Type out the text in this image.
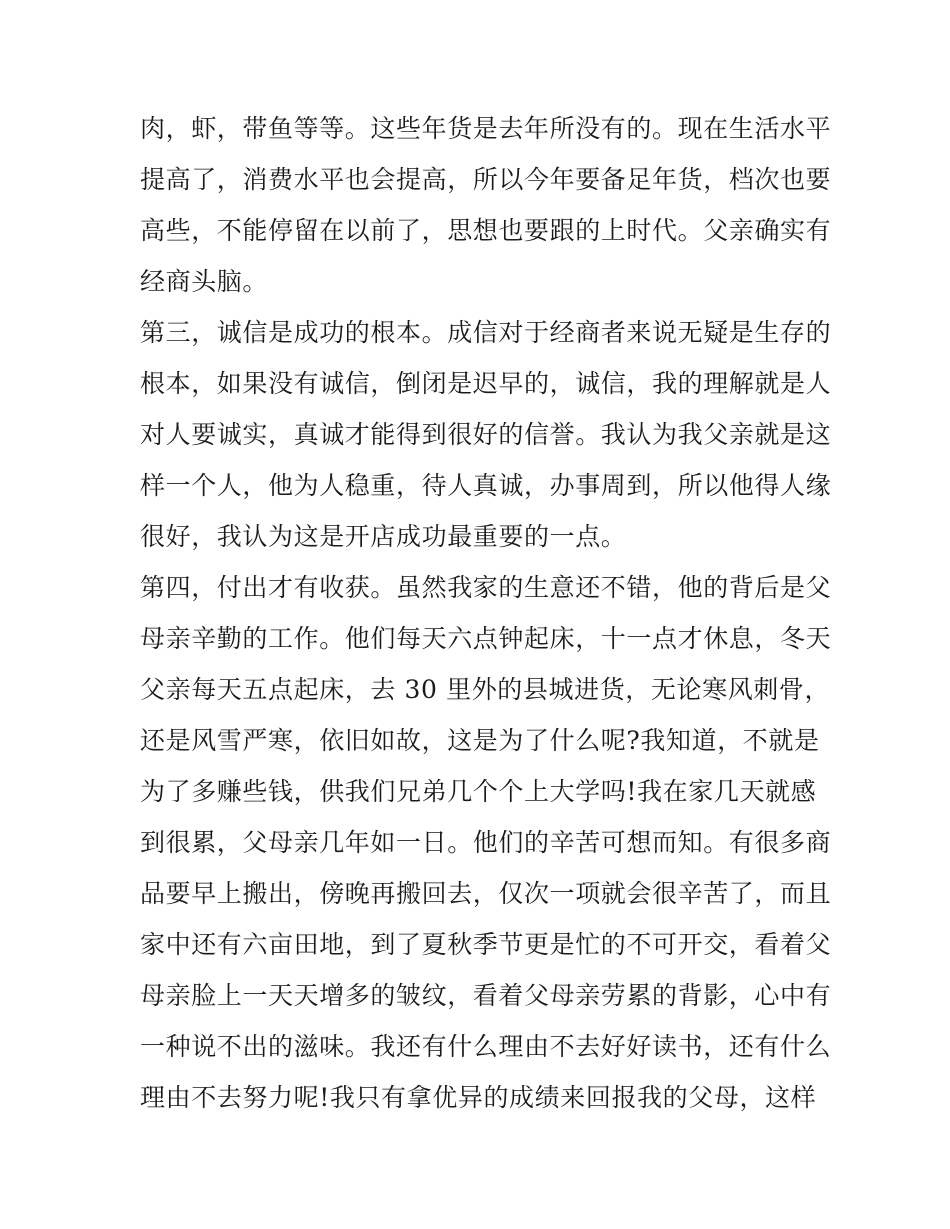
肉，虾，带鱼等等。这些年货是去年所没有的。现在生活水平
提高了，消费水平也会提高，所以今年要备足年货，档次也要
高些，不能停留在以前了，思想也要跟的上时代。父亲确实有
经商头脑。
第三，诚信是成功的根本。成信对于经商者来说无疑是生存的
根本，如果没有诚信，倒闭是迟早的，诚信，我的理解就是人
对人要诚实，真诚才能得到很好的信誉。我认为我父亲就是这
样一个人，他为人稳重，待人真诚，办事周到，所以他得人缘
很好，我认为这是开店成功最重要的一点。
第四，付出才有收获。虽然我家的生意还不错，他的背后是父
母亲辛勤的工作。他们每天六点钟起床，十一点才休息，冬天
父亲每天五点起床，去 30 里外的县城进货，无论寒风刺骨，
还是风雪严寒，依旧如故，这是为了什么呢?我知道，不就是
为了多赚些钱，供我们兄弟几个个上大学吗!我在家几天就感
到很累，父母亲几年如一日。他们的辛苦可想而知。有很多商
品要早上搬出，傍晚再搬回去，仅次一项就会很辛苦了，而且
家中还有六亩田地，到了夏秋季节更是忙的不可开交，看着父
母亲脸上一天天增多的皱纹，看着父母亲劳累的背影，心中有
一种说不出的滋味。我还有什么理由不去好好读书，还有什么
理由不去努力呢!我只有拿优异的成绩来回报我的父母，这样
